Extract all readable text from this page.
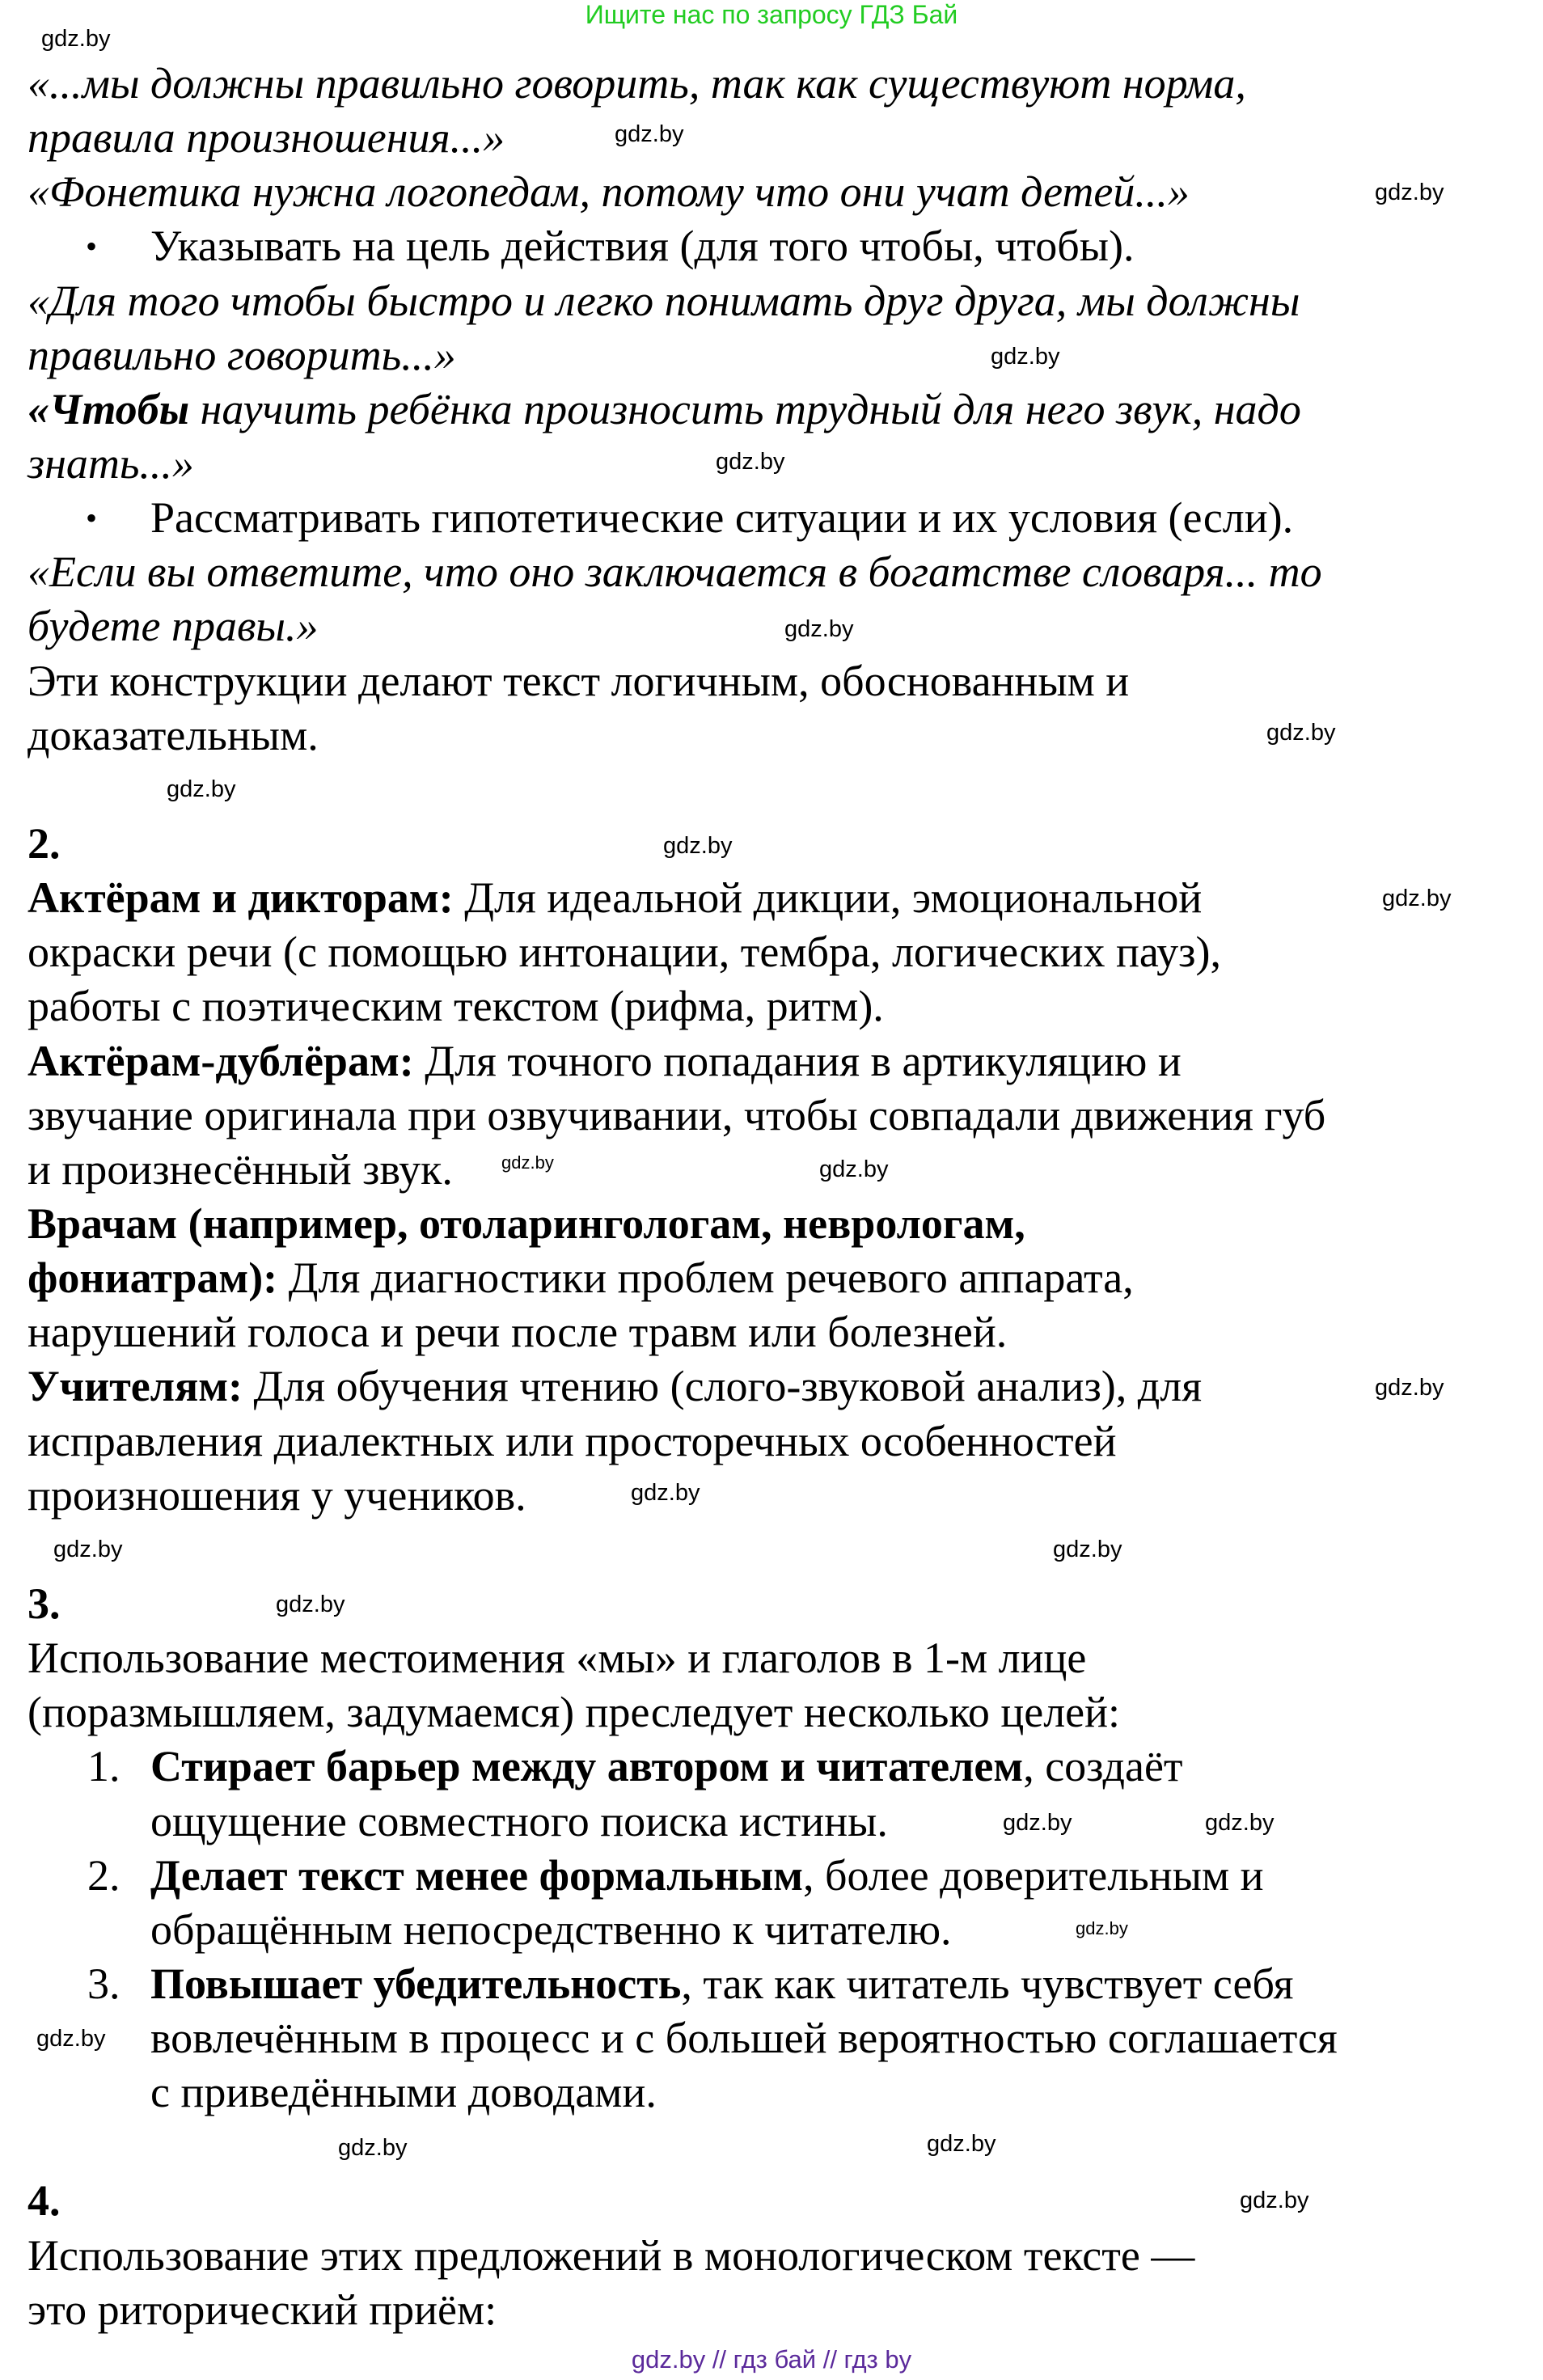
Ищите нас по запросу ГДЗ Бай
«...мы должны правильно говорить, так как существуют норма,
правила произношения...»
«Фонетика нужна логопедам, потому что они учат детей...»
• Указывать на цель действия (для того чтобы, чтобы).
«Для того чтобы быстро и легко понимать друг друга, мы должны
правильно говорить...»
«Чтобы научить ребёнка произносить трудный для него звук, надо
знать...»
• Рассматривать гипотетические ситуации и их условия (если).
«Если вы ответите, что оно заключается в богатстве словаря... то
будете правы.»
Эти конструкции делают текст логичным, обоснованным и
доказательным.
2.
Актёрам и дикторам: Для идеальной дикции, эмоциональной
окраски речи (с помощью интонации, тембра, логических пауз),
работы с поэтическим текстом (рифма, ритм).
Актёрам-дублёрам: Для точного попадания в артикуляцию и
звучание оригинала при озвучивании, чтобы совпадали движения губ
и произнесённый звук.
Врачам (например, отоларингологам, неврологам,
фониатрам): Для диагностики проблем речевого аппарата,
нарушений голоса и речи после травм или болезней.
Учителям: Для обучения чтению (слого-звуковой анализ), для
исправления диалектных или просторечных особенностей
произношения у учеников.
3.
Использование местоимения «мы» и глаголов в 1-м лице
(поразмышляем, задумаемся) преследует несколько целей:
1. Стирает барьер между автором и читателем, создаёт
ощущение совместного поиска истины.
2. Делает текст менее формальным, более доверительным и
обращённым непосредственно к читателю.
3. Повышает убедительность, так как читатель чувствует себя
вовлечённым в процесс и с большей вероятностью соглашается
с приведёнными доводами.
4.
Использование этих предложений в монологическом тексте —
это риторический приём:
gdz.by
gdz.by
gdz.by
gdz.by
gdz.by
gdz.by
gdz.by
gdz.by
gdz.by
gdz.by
gdz.by	gdz.by
gdz.by
gdz.by
gdz.by	gdz.by
gdz.by
gdz.by	gdz.by
gdz.by
gdz.by
gdz.by
gdz.by
gdz.by
gdz.by // гдз бай // гдз by
